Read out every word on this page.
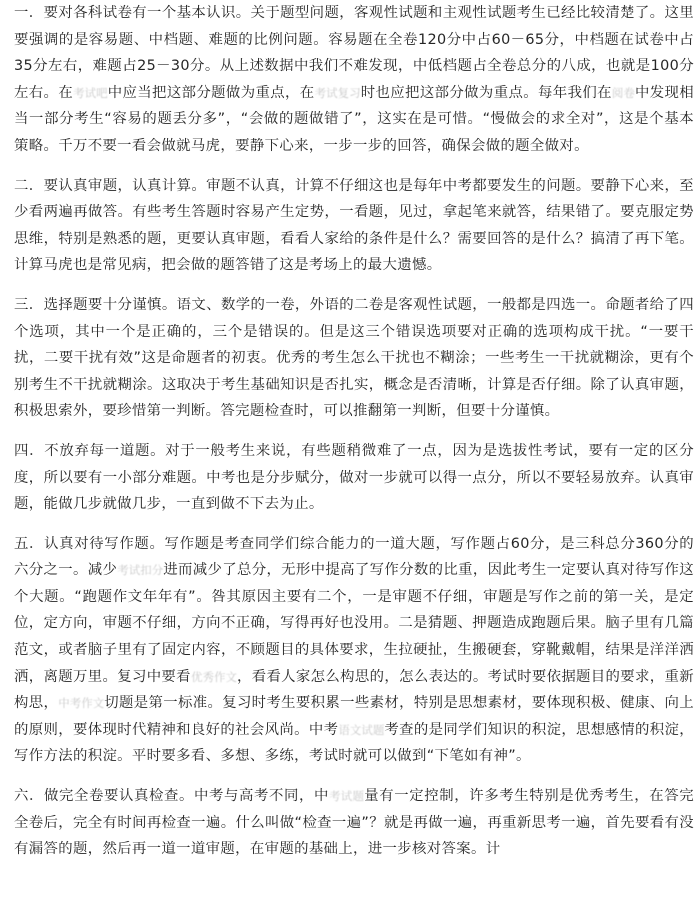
一．要对各科试卷有一个基本认识。关于题型问题，客观性试题和主观性试题考生已经比较清楚了。这里要强调的是容易题、中档题、难题的比例问题。容易题在全卷120分中占60－65分，中档题在试卷中占35分左右，难题占25－30分。从上述数据中我们不难发现，中低档题占全卷总分的八成，也就是100分左右。在考试吧中应当把这部分题做为重点，在考试复习时也应把这部分做为重点。每年我们在阅卷中发现相当一部分考生“容易的题丢分多”，“会做的题做错了”，这实在是可惜。“慢做会的求全对”，这是个基本策略。千万不要一看会做就马虎，要静下心来，一步一步的回答，确保会做的题全做对。

二．要认真审题，认真计算。审题不认真，计算不仔细这也是每年中考都要发生的问题。要静下心来，至少看两遍再做答。有些考生答题时容易产生定势，一看题，见过，拿起笔来就答，结果错了。要克服定势思维，特别是熟悉的题，更要认真审题，看看人家给的条件是什么？需要回答的是什么？搞清了再下笔。计算马虎也是常见病，把会做的题答错了这是考场上的最大遗憾。

三．选择题要十分谨慎。语文、数学的一卷，外语的二卷是客观性试题，一般都是四选一。命题者给了四个选项，其中一个是正确的，三个是错误的。但是这三个错误选项要对正确的选项构成干扰。“一要干扰，二要干扰有效”这是命题者的初衷。优秀的考生怎么干扰也不糊涂；一些考生一干扰就糊涂，更有个别考生不干扰就糊涂。这取决于考生基础知识是否扎实，概念是否清晰，计算是否仔细。除了认真审题，积极思索外，要珍惜第一判断。答完题检查时，可以推翻第一判断，但要十分谨慎。

四．不放弃每一道题。对于一般考生来说，有些题稍微难了一点，因为是选拔性考试，要有一定的区分度，所以要有一小部分难题。中考也是分步赋分，做对一步就可以得一点分，所以不要轻易放弃。认真审题，能做几步就做几步，一直到做不下去为止。

五．认真对待写作题。写作题是考查同学们综合能力的一道大题，写作题占60分，是三科总分360分的六分之一。减少考试扣分进而减少了总分，无形中提高了写作分数的比重，因此考生一定要认真对待写作这个大题。“跑题作文年年有”。咎其原因主要有二个，一是审题不仔细，审题是写作之前的第一关，是定位，定方向，审题不仔细，方向不正确，写得再好也没用。二是猜题、押题造成跑题后果。脑子里有几篇范文，或者脑子里有了固定内容，不顾题目的具体要求，生拉硬扯，生搬硬套，穿靴戴帽，结果是洋洋洒洒，离题万里。复习中要看优秀作文，看看人家怎么构思的，怎么表达的。考试时要依据题目的要求，重新构思，中考作文切题是第一标准。复习时考生要积累一些素材，特别是思想素材，要体现积极、健康、向上的原则，要体现时代精神和良好的社会风尚。中考语文试题考查的是同学们知识的积淀，思想感情的积淀，写作方法的积淀。平时要多看、多想、多练，考试时就可以做到“下笔如有神”。

六．做完全卷要认真检查。中考与高考不同，中考试题量有一定控制，许多考生特别是优秀考生，在答完全卷后，完全有时间再检查一遍。什么叫做“检查一遍”？就是再做一遍，再重新思考一遍，首先要看有没有漏答的题，然后再一道一道审题，在审题的基础上，进一步核对答案。计
